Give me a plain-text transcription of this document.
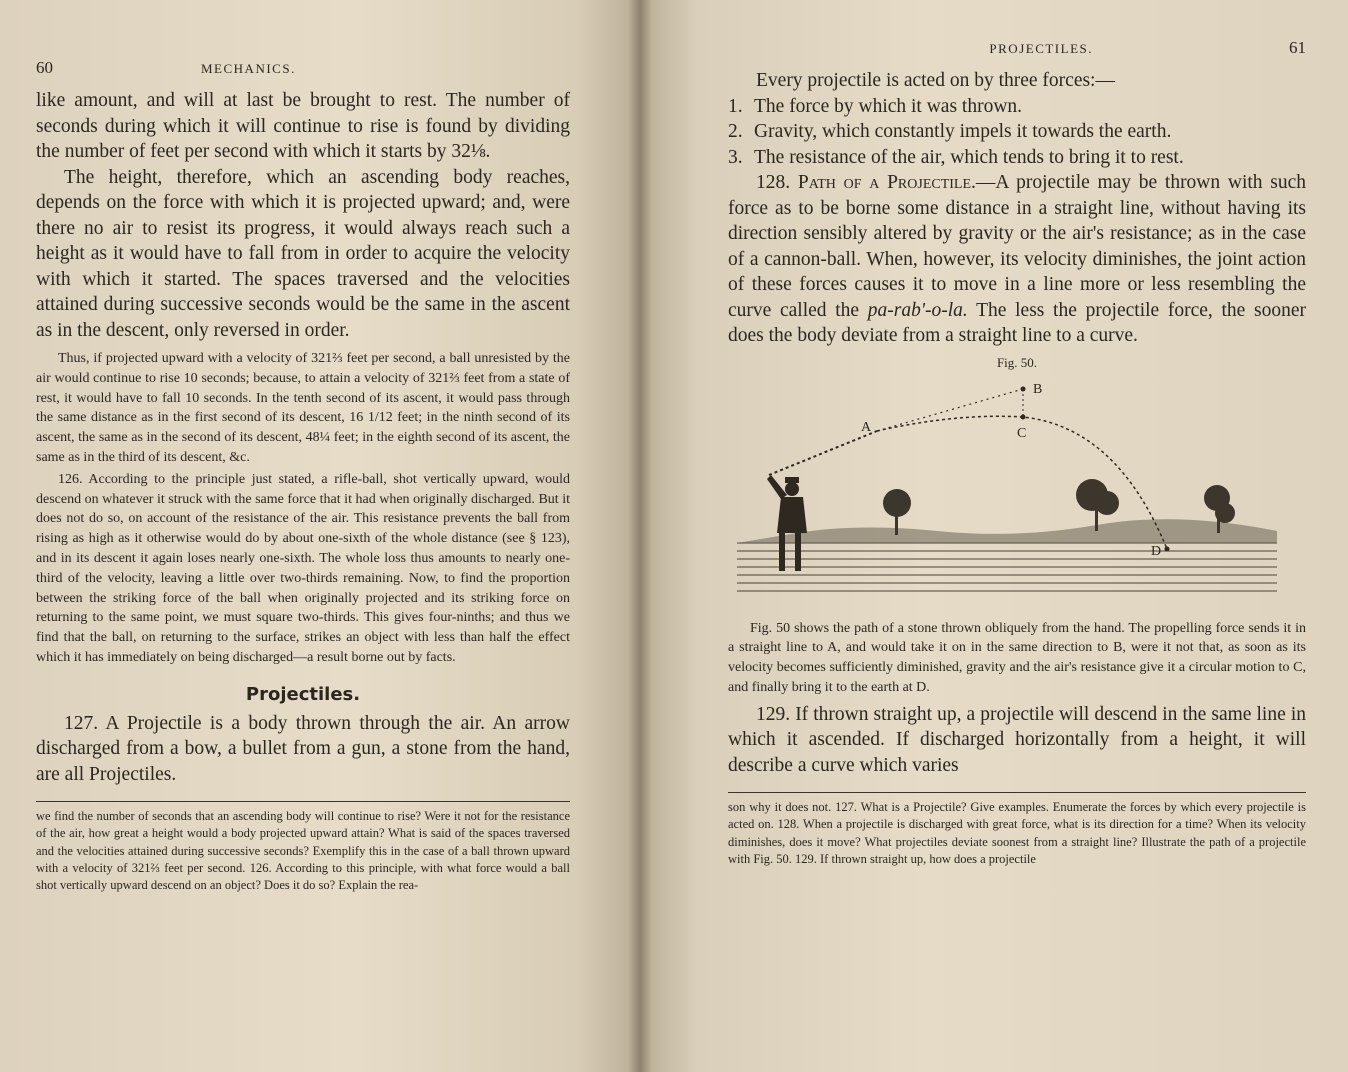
60	MECHANICS.

like amount, and will at last be brought to rest. The number of seconds during which it will continue to rise is found by dividing the number of feet per second with which it starts by 32⅛.

The height, therefore, which an ascending body reaches, depends on the force with which it is projected upward; and, were there no air to resist its progress, it would always reach such a height as it would have to fall from in order to acquire the velocity with which it started. The spaces traversed and the velocities attained during successive seconds would be the same in the ascent as in the descent, only reversed in order.

Thus, if projected upward with a velocity of 321⅔ feet per second, a ball unresisted by the air would continue to rise 10 seconds; because, to attain a velocity of 321⅔ feet from a state of rest, it would have to fall 10 seconds. In the tenth second of its ascent, it would pass through the same distance as in the first second of its descent, 16 1/12 feet; in the ninth second of its ascent, the same as in the second of its descent, 48¼ feet; in the eighth second of its ascent, the same as in the third of its descent, &c.

126. According to the principle just stated, a rifle-ball, shot vertically upward, would descend on whatever it struck with the same force that it had when originally discharged. But it does not do so, on account of the resistance of the air. This resistance prevents the ball from rising as high as it otherwise would do by about one-sixth of the whole distance (see § 123), and in its descent it again loses nearly one-sixth. The whole loss thus amounts to nearly one-third of the velocity, leaving a little over two-thirds remaining. Now, to find the proportion between the striking force of the ball when originally projected and its striking force on returning to the same point, we must square two-thirds. This gives four-ninths; and thus we find that the ball, on returning to the surface, strikes an object with less than half the effect which it has immediately on being discharged—a result borne out by facts.

Projectiles.

127. A Projectile is a body thrown through the air. An arrow discharged from a bow, a bullet from a gun, a stone from the hand, are all Projectiles.

we find the number of seconds that an ascending body will continue to rise? Were it not for the resistance of the air, how great a height would a body projected upward attain? What is said of the spaces traversed and the velocities attained during successive seconds? Exemplify this in the case of a ball thrown upward with a velocity of 321⅔ feet per second. 126. According to this principle, with what force would a ball shot vertically upward descend on an object? Does it do so? Explain the rea-

PROJECTILES.	61

Every projectile is acted on by three forces:—

1. The force by which it was thrown.
2. Gravity, which constantly impels it towards the earth.
3. The resistance of the air, which tends to bring it to rest.

128. Path of a Projectile.—A projectile may be thrown with such force as to be borne some distance in a straight line, without having its direction sensibly altered by gravity or the air's resistance; as in the case of a cannon-ball. When, however, its velocity diminishes, the joint action of these forces causes it to move in a line more or less resembling the curve called the pa-rab'-o-la. The less the projectile force, the sooner does the body deviate from a straight line to a curve.

Fig. 50.
A
B
C
D

Fig. 50 shows the path of a stone thrown obliquely from the hand. The propelling force sends it in a straight line to A, and would take it on in the same direction to B, were it not that, as soon as its velocity becomes sufficiently diminished, gravity and the air's resistance give it a circular motion to C, and finally bring it to the earth at D.

129. If thrown straight up, a projectile will descend in the same line in which it ascended. If discharged horizontally from a height, it will describe a curve which varies

son why it does not. 127. What is a Projectile? Give examples. Enumerate the forces by which every projectile is acted on. 128. When a projectile is discharged with great force, what is its direction for a time? When its velocity diminishes, does it move? What projectiles deviate soonest from a straight line? Illustrate the path of a projectile with Fig. 50. 129. If thrown straight up, how does a projectile
